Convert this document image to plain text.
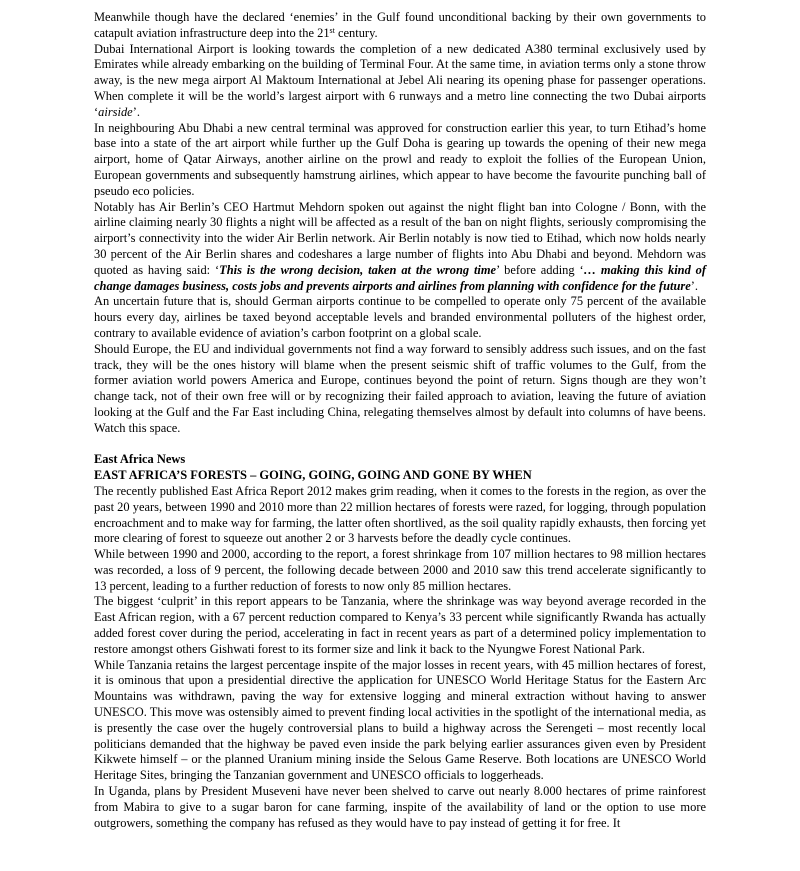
Meanwhile though have the declared ‘enemies’ in the Gulf found unconditional backing by their own governments to catapult aviation infrastructure deep into the 21st century.

Dubai International Airport is looking towards the completion of a new dedicated A380 terminal exclusively used by Emirates while already embarking on the building of Terminal Four. At the same time, in aviation terms only a stone throw away, is the new mega airport Al Maktoum International at Jebel Ali nearing its opening phase for passenger operations. When complete it will be the world’s largest airport with 6 runways and a metro line connecting the two Dubai airports ‘airside’.

In neighbouring Abu Dhabi a new central terminal was approved for construction earlier this year, to turn Etihad’s home base into a state of the art airport while further up the Gulf Doha is gearing up towards the opening of their new mega airport, home of Qatar Airways, another airline on the prowl and ready to exploit the follies of the European Union, European governments and subsequently hamstrung airlines, which appear to have become the favourite punching ball of pseudo eco policies.

Notably has Air Berlin’s CEO Hartmut Mehdorn spoken out against the night flight ban into Cologne / Bonn, with the airline claiming nearly 30 flights a night will be affected as a result of the ban on night flights, seriously compromising the airport’s connectivity into the wider Air Berlin network. Air Berlin notably is now tied to Etihad, which now holds nearly 30 percent of the Air Berlin shares and codeshares a large number of flights into Abu Dhabi and beyond. Mehdorn was quoted as having said: ‘This is the wrong decision, taken at the wrong time’ before adding ‘… making this kind of change damages business, costs jobs and prevents airports and airlines from planning with confidence for the future’.

An uncertain future that is, should German airports continue to be compelled to operate only 75 percent of the available hours every day, airlines be taxed beyond acceptable levels and branded environmental polluters of the highest order, contrary to available evidence of aviation’s carbon footprint on a global scale.

Should Europe, the EU and individual governments not find a way forward to sensibly address such issues, and on the fast track, they will be the ones history will blame when the present seismic shift of traffic volumes to the Gulf, from the former aviation world powers America and Europe, continues beyond the point of return. Signs though are they won’t change tack, not of their own free will or by recognizing their failed approach to aviation, leaving the future of aviation looking at the Gulf and the Far East including China, relegating themselves almost by default into columns of have beens. Watch this space.

East Africa News

EAST AFRICA’S FORESTS – GOING, GOING, GOING AND GONE BY WHEN

The recently published East Africa Report 2012 makes grim reading, when it comes to the forests in the region, as over the past 20 years, between 1990 and 2010 more than 22 million hectares of forests were razed, for logging, through population encroachment and to make way for farming, the latter often shortlived, as the soil quality rapidly exhausts, then forcing yet more clearing of forest to squeeze out another 2 or 3 harvests before the deadly cycle continues.

While between 1990 and 2000, according to the report, a forest shrinkage from 107 million hectares to 98 million hectares was recorded, a loss of 9 percent, the following decade between 2000 and 2010 saw this trend accelerate significantly to 13 percent, leading to a further reduction of forests to now only 85 million hectares.

The biggest ‘culprit’ in this report appears to be Tanzania, where the shrinkage was way beyond average recorded in the East African region, with a 67 percent reduction compared to Kenya’s 33 percent while significantly Rwanda has actually added forest cover during the period, accelerating in fact in recent years as part of a determined policy implementation to restore amongst others Gishwati forest to its former size and link it back to the Nyungwe Forest National Park.

While Tanzania retains the largest percentage inspite of the major losses in recent years, with 45 million hectares of forest, it is ominous that upon a presidential directive the application for UNESCO World Heritage Status for the Eastern Arc Mountains was withdrawn, paving the way for extensive logging and mineral extraction without having to answer UNESCO. This move was ostensibly aimed to prevent finding local activities in the spotlight of the international media, as is presently the case over the hugely controversial plans to build a highway across the Serengeti – most recently local politicians demanded that the highway be paved even inside the park belying earlier assurances given even by President Kikwete himself – or the planned Uranium mining inside the Selous Game Reserve. Both locations are UNESCO World Heritage Sites, bringing the Tanzanian government and UNESCO officials to loggerheads.

In Uganda, plans by President Museveni have never been shelved to carve out nearly 8.000 hectares of prime rainforest from Mabira to give to a sugar baron for cane farming, inspite of the availability of land or the option to use more outgrowers, something the company has refused as they would have to pay instead of getting it for free. It
